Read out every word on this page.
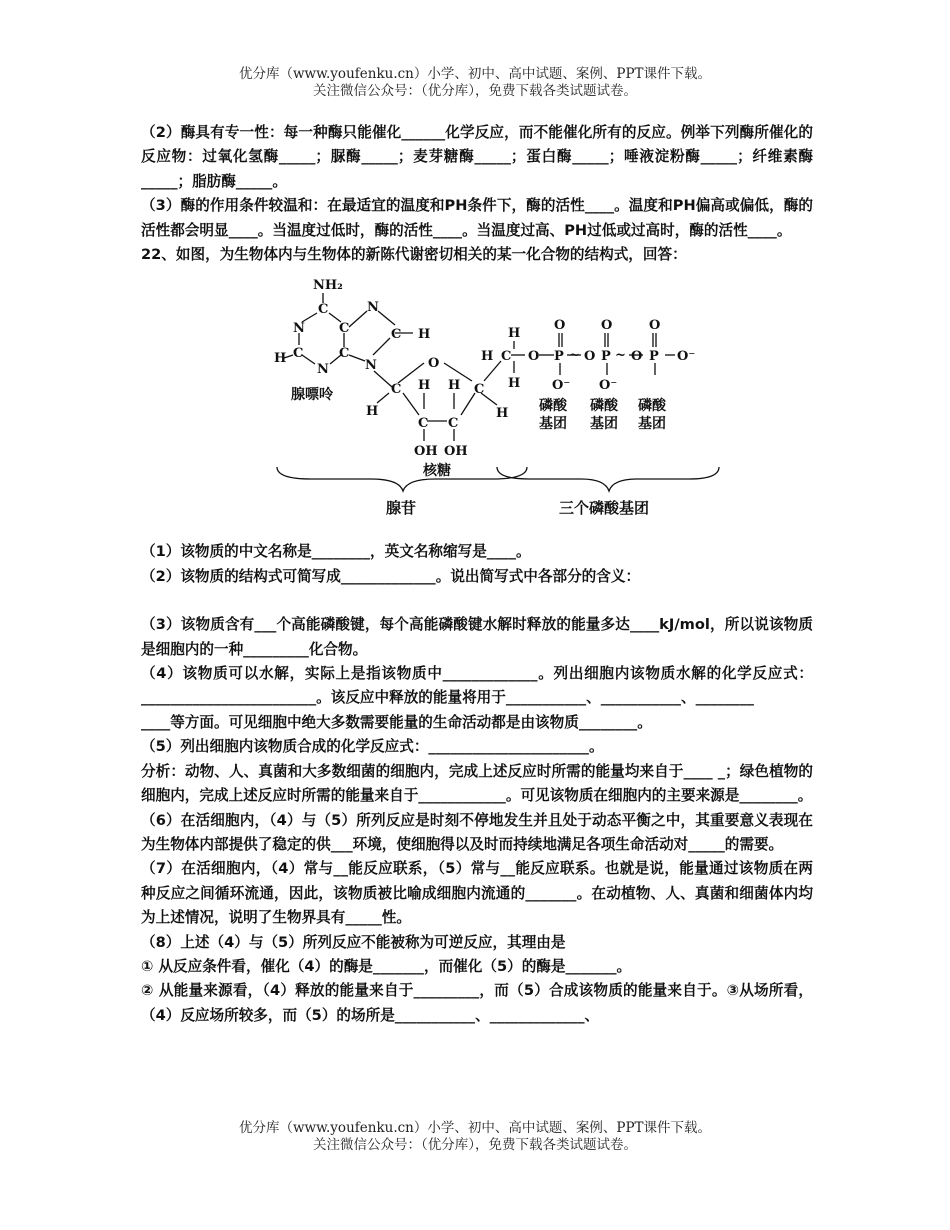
优分库（www.youfenku.cn）小学、初中、高中试题、案例、PPT课件下载。
关注微信公众号：（优分库），免费下载各类试题试卷。

（2）酶具有专一性：每一种酶只能催化______化学反应，而不能催化所有的反应。例举下列酶所催化的反应物：过氧化氢酶_____；脲酶_____；麦芽糖酶_____；蛋白酶_____；唾液淀粉酶_____；纤维素酶_____；脂肪酶_____。

（3）酶的作用条件较温和：在最适宜的温度和PH条件下，酶的活性____。温度和PH偏高或偏低，酶的活性都会明显____。当温度过低时，酶的活性____。当温度过高、PH过低或过高时，酶的活性____。

22、如图，为生物体内与生物体的新陈代谢密切相关的某一化合物的结构式，回答：

NH₂
C
N	C
N
C H
C	C
H
N	N	O
C	C
H H
H	H
C C
OH OH
H
H C O
H
O
P ~
O⁻
O
O
P ~
O⁻
O
O
P O⁻
腺嘌呤
核糖
磷酸
基团
磷酸
基团
磷酸
基团
腺苷	三个磷酸基团

（1）该物质的中文名称是________，英文名称缩写是____。

（2）该物质的结构式可简写成_____________。说出简写式中各部分的含义：

（3）该物质含有___个高能磷酸键，每个高能磷酸键水解时释放的能量多达____kJ/mol，所以说该物质是细胞内的一种_________化合物。

（4）该物质可以水解，实际上是指该物质中_____________。列出细胞内该物质水解的化学反应式：________________________。该反应中释放的能量将用于___________、___________、________

____等方面。可见细胞中绝大多数需要能量的生命活动都是由该物质________。

（5）列出细胞内该物质合成的化学反应式：______________________。

分析：动物、人、真菌和大多数细菌的细胞内，完成上述反应时所需的能量均来自于____ _；绿色植物的细胞内，完成上述反应时所需的能量来自于____________。可见该物质在细胞内的主要来源是________。

（6）在活细胞内，（4）与（5）所列反应是时刻不停地发生并且处于动态平衡之中，其重要意义表现在为生物体内部提供了稳定的供___环境，使细胞得以及时而持续地满足各项生命活动对_____的需要。

（7）在活细胞内，（4）常与__能反应联系，（5）常与__能反应联系。也就是说，能量通过该物质在两种反应之间循环流通，因此，该物质被比喻成细胞内流通的_______。在动植物、人、真菌和细菌体内均为上述情况，说明了生物界具有_____性。

（8）上述（4）与（5）所列反应不能被称为可逆反应，其理由是

① 从反应条件看，催化（4）的酶是_______，而催化（5）的酶是_______。

② 从能量来源看，（4）释放的能量来自于_________，而（5）合成该物质的能量来自于。③从场所看，（4）反应场所较多，而（5）的场所是___________、_____________、

优分库（www.youfenku.cn）小学、初中、高中试题、案例、PPT课件下载。
关注微信公众号：（优分库），免费下载各类试题试卷。
